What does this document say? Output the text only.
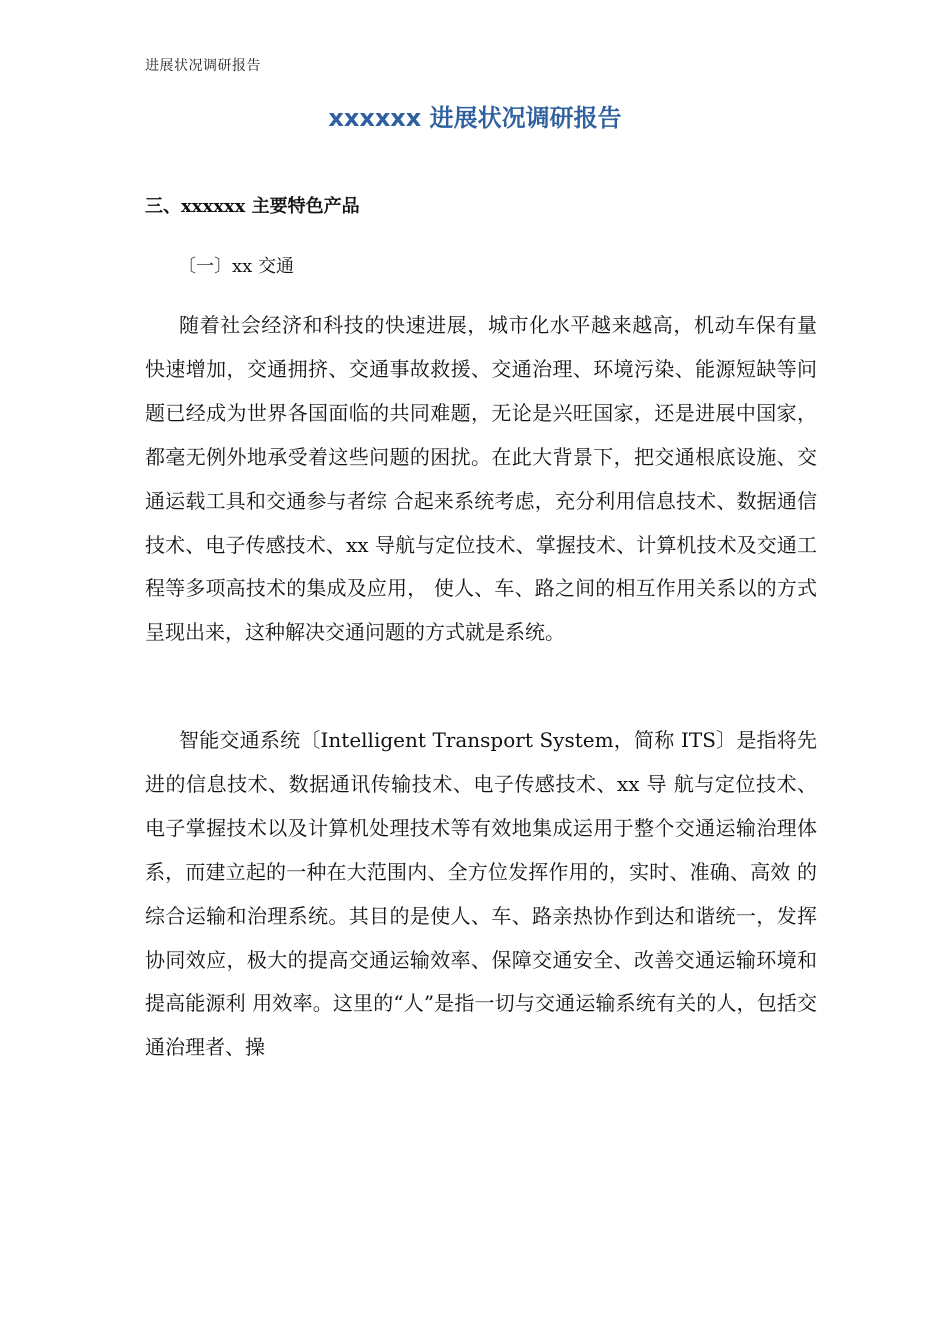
进展状况调研报告
xxxxxx 进展状况调研报告
三、xxxxxx 主要特色产品
〔一〕xx 交通

随着社会经济和科技的快速进展，城市化水平越来越高，机动车保有量快速增加，交通拥挤、交通事故救援、交通治理、环境污染、能源短缺等问题已经成为世界各国面临的共同难题，无论是兴旺国家，还是进展中国家，都毫无例外地承受着这些问题的困扰。在此大背景下，把交通根底设施、交通运载工具和交通参与者综 合起来系统考虑，充分利用信息技术、数据通信技术、电子传感技术、xx 导航与定位技术、掌握技术、计算机技术及交通工程等多项高技术的集成及应用， 使人、车、路之间的相互作用关系以的方式呈现出来，这种解决交通问题的方式就是系统。

智能交通系统〔Intelligent Transport System，简称 ITS〕是指将先进的信息技术、数据通讯传输技术、电子传感技术、xx 导 航与定位技术、电子掌握技术以及计算机处理技术等有效地集成运用于整个交通运输治理体系，而建立起的一种在大范围内、全方位发挥作用的，实时、准确、高效 的综合运输和治理系统。其目的是使人、车、路亲热协作到达和谐统一，发挥协同效应，极大的提高交通运输效率、保障交通安全、改善交通运输环境和提高能源利 用效率。这里的“人”是指一切与交通运输系统有关的人，包括交通治理者、操
